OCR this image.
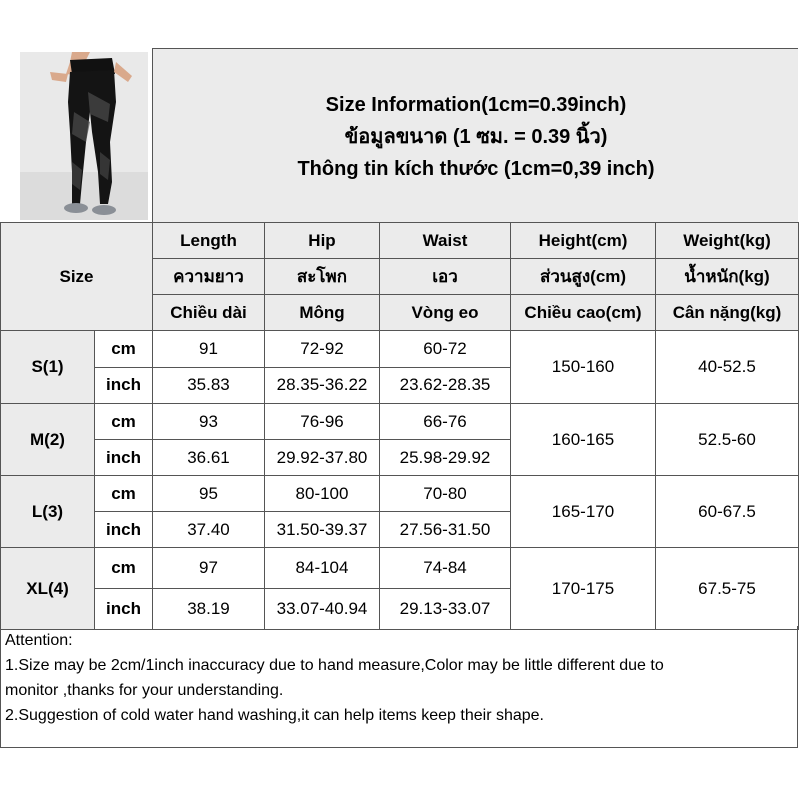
Size Information(1cm=0.39inch)
ข้อมูลขนาด (1 ซม. = 0.39 นิ้ว)
Thông tin kích thước (1cm=0,39 inch)
Size		Length	Hip	Waist	Height(cm)	Weight(kg)
		ความยาว	สะโพก	เอว	ส่วนสูง(cm)	น้ำหนัก(kg)
		Chiều dài	Mông	Vòng eo	Chiều cao(cm)	Cân nặng(kg)
S(1)	cm	91	72-92	60-72	150-160	40-52.5
	inch	35.83	28.35-36.22	23.62-28.35		
M(2)	cm	93	76-96	66-76	160-165	52.5-60
	inch	36.61	29.92-37.80	25.98-29.92		
L(3)	cm	95	80-100	70-80	165-170	60-67.5
	inch	37.40	31.50-39.37	27.56-31.50		
XL(4)	cm	97	84-104	74-84	170-175	67.5-75
	inch	38.19	33.07-40.94	29.13-33.07		
Attention:
1.Size may be 2cm/1inch inaccuracy due to hand measure,Color may be little different due to
monitor ,thanks for your understanding.
2.Suggestion of cold water hand washing,it can help items keep their shape.
